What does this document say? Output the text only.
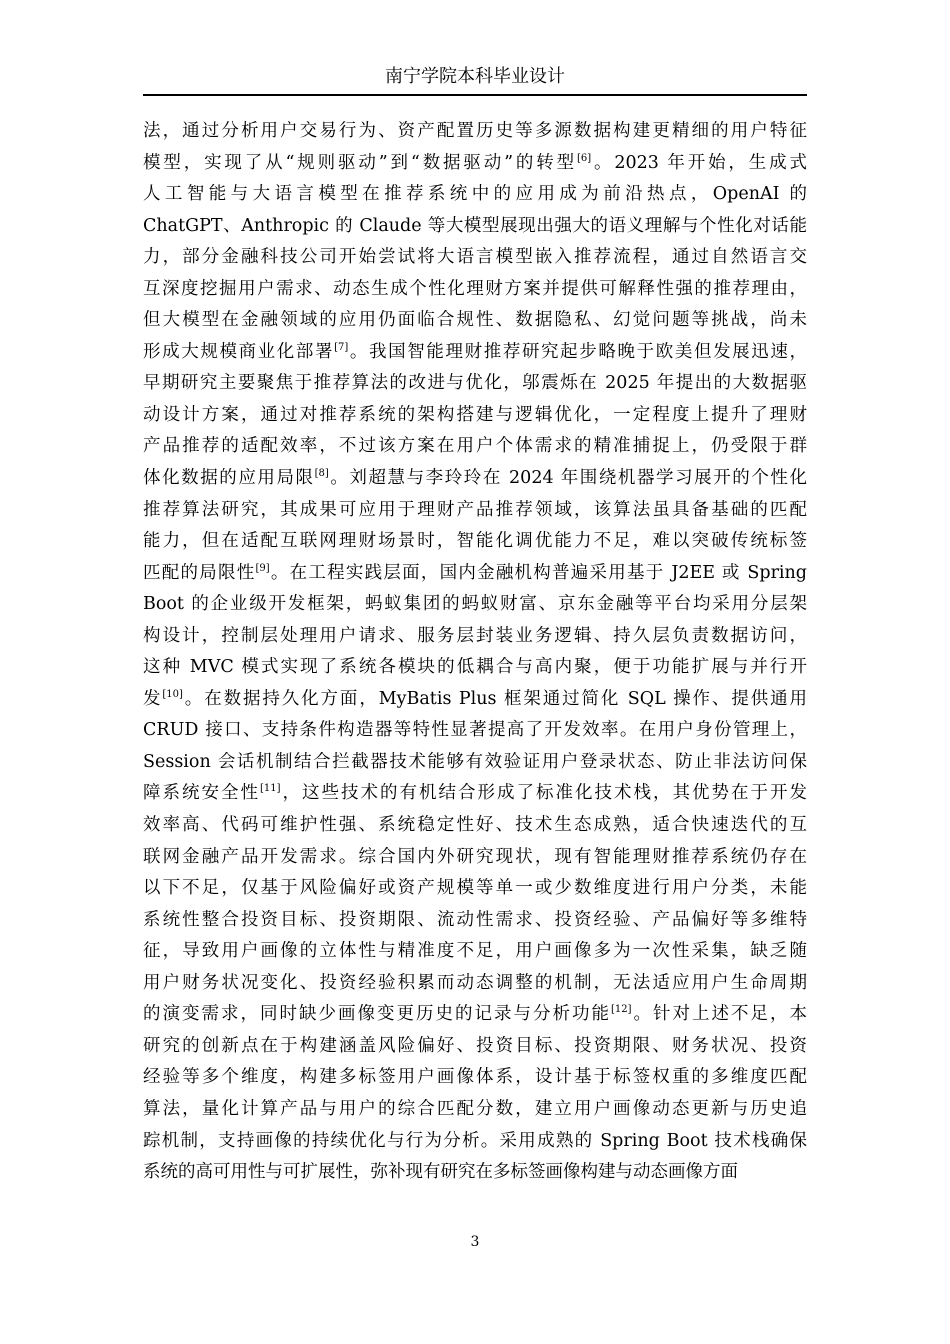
南宁学院本科毕业设计
法，通过分析用户交易行为、资产配置历史等多源数据构建更精细的用户特征
模型，实现了从“规则驱动”到“数据驱动”的转型[6]。2023 年开始，生成式
人工智能与大语言模型在推荐系统中的应用成为前沿热点，OpenAI 的
ChatGPT、Anthropic 的 Claude 等大模型展现出强大的语义理解与个性化对话能
力，部分金融科技公司开始尝试将大语言模型嵌入推荐流程，通过自然语言交
互深度挖掘用户需求、动态生成个性化理财方案并提供可解释性强的推荐理由，
但大模型在金融领域的应用仍面临合规性、数据隐私、幻觉问题等挑战，尚未
形成大规模商业化部署[7]。我国智能理财推荐研究起步略晚于欧美但发展迅速，
早期研究主要聚焦于推荐算法的改进与优化，邬震烁在 2025 年提出的大数据驱
动设计方案，通过对推荐系统的架构搭建与逻辑优化，一定程度上提升了理财
产品推荐的适配效率，不过该方案在用户个体需求的精准捕捉上，仍受限于群
体化数据的应用局限[8]。刘超慧与李玲玲在 2024 年围绕机器学习展开的个性化
推荐算法研究，其成果可应用于理财产品推荐领域，该算法虽具备基础的匹配
能力，但在适配互联网理财场景时，智能化调优能力不足，难以突破传统标签
匹配的局限性[9]。在工程实践层面，国内金融机构普遍采用基于 J2EE 或 Spring
Boot 的企业级开发框架，蚂蚁集团的蚂蚁财富、京东金融等平台均采用分层架
构设计，控制层处理用户请求、服务层封装业务逻辑、持久层负责数据访问，
这种 MVC 模式实现了系统各模块的低耦合与高内聚，便于功能扩展与并行开
发[10]。在数据持久化方面，MyBatis Plus 框架通过简化 SQL 操作、提供通用
CRUD 接口、支持条件构造器等特性显著提高了开发效率。在用户身份管理上，
Session 会话机制结合拦截器技术能够有效验证用户登录状态、防止非法访问保
障系统安全性[11]，这些技术的有机结合形成了标准化技术栈，其优势在于开发
效率高、代码可维护性强、系统稳定性好、技术生态成熟，适合快速迭代的互
联网金融产品开发需求。综合国内外研究现状，现有智能理财推荐系统仍存在
以下不足，仅基于风险偏好或资产规模等单一或少数维度进行用户分类，未能
系统性整合投资目标、投资期限、流动性需求、投资经验、产品偏好等多维特
征，导致用户画像的立体性与精准度不足，用户画像多为一次性采集，缺乏随
用户财务状况变化、投资经验积累而动态调整的机制，无法适应用户生命周期
的演变需求，同时缺少画像变更历史的记录与分析功能[12]。针对上述不足，本
研究的创新点在于构建涵盖风险偏好、投资目标、投资期限、财务状况、投资
经验等多个维度，构建多标签用户画像体系，设计基于标签权重的多维度匹配
算法，量化计算产品与用户的综合匹配分数，建立用户画像动态更新与历史追
踪机制，支持画像的持续优化与行为分析。采用成熟的 Spring Boot 技术栈确保
系统的高可用性与可扩展性，弥补现有研究在多标签画像构建与动态画像方面
3
